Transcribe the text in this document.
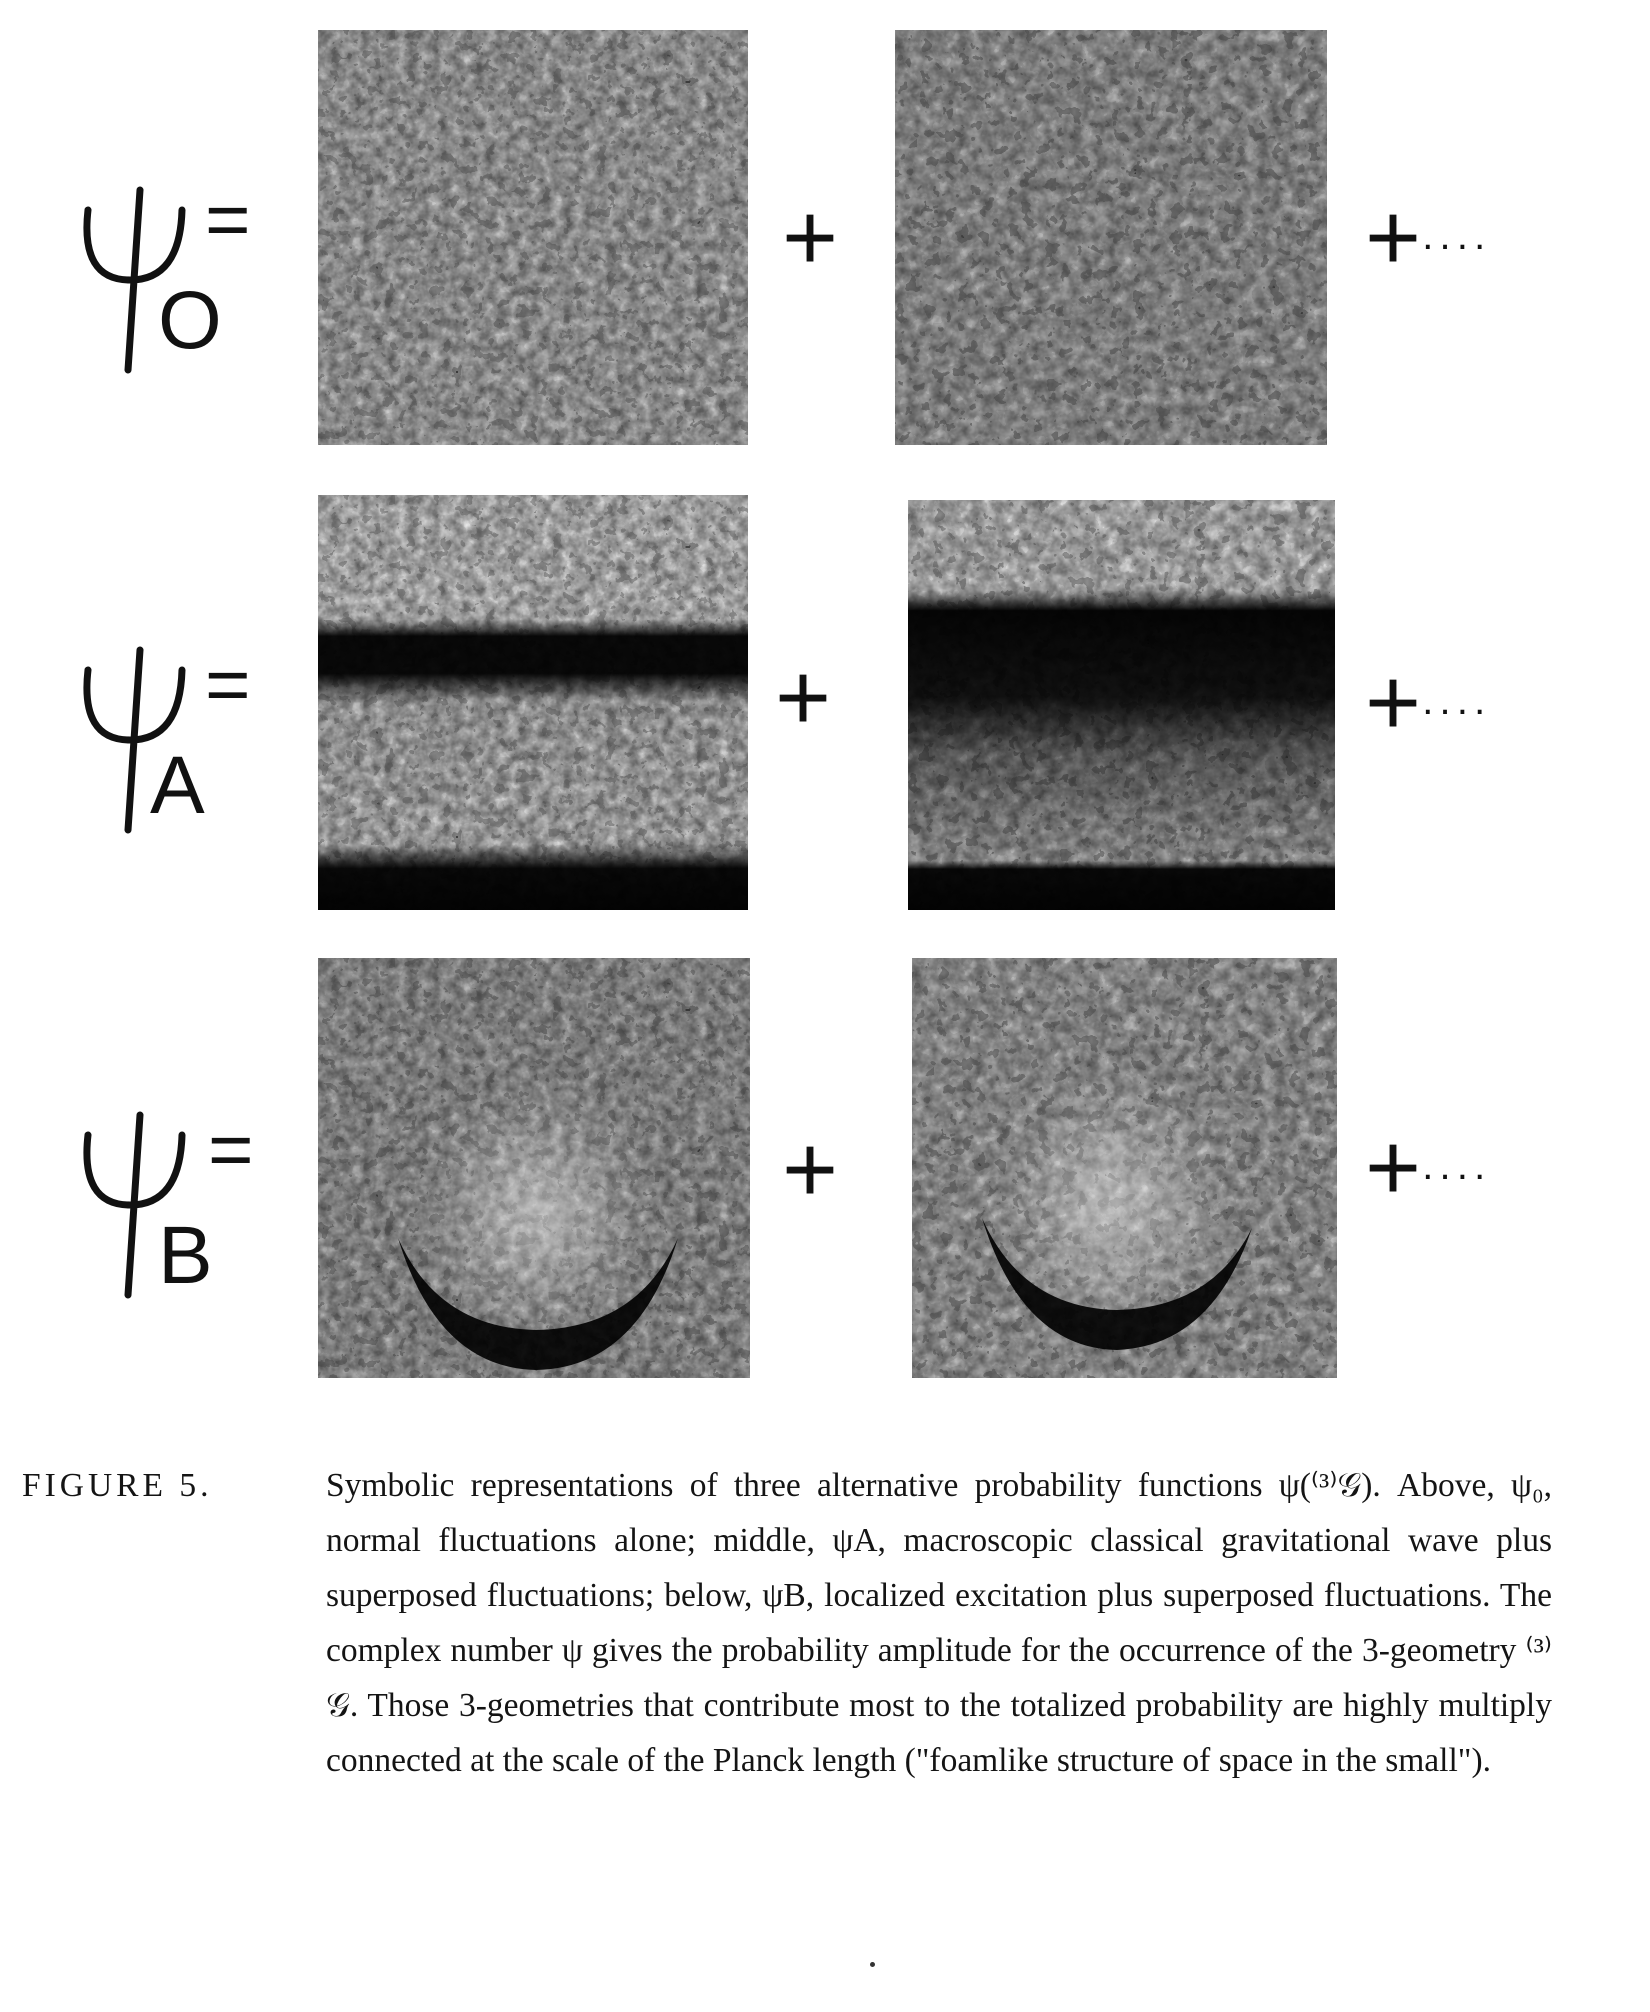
O
=	+	+····
A
=	+	+····
B
=	+	+····
FIGURE 5.	Symbolic representations of three alternative probability functions ψ(⁽³⁾𝒢). Above, ψ₀, normal fluctuations alone; middle, ψA, macroscopic classical gravitational wave plus superposed fluctuations; below, ψB, localized excitation plus superposed fluctuations. The complex number ψ gives the probability amplitude for the occurrence of the 3-geometry ⁽³⁾𝒢. Those 3-geometries that contribute most to the totalized probability are highly multiply connected at the scale of the Planck length ("foamlike structure of space in the small").
